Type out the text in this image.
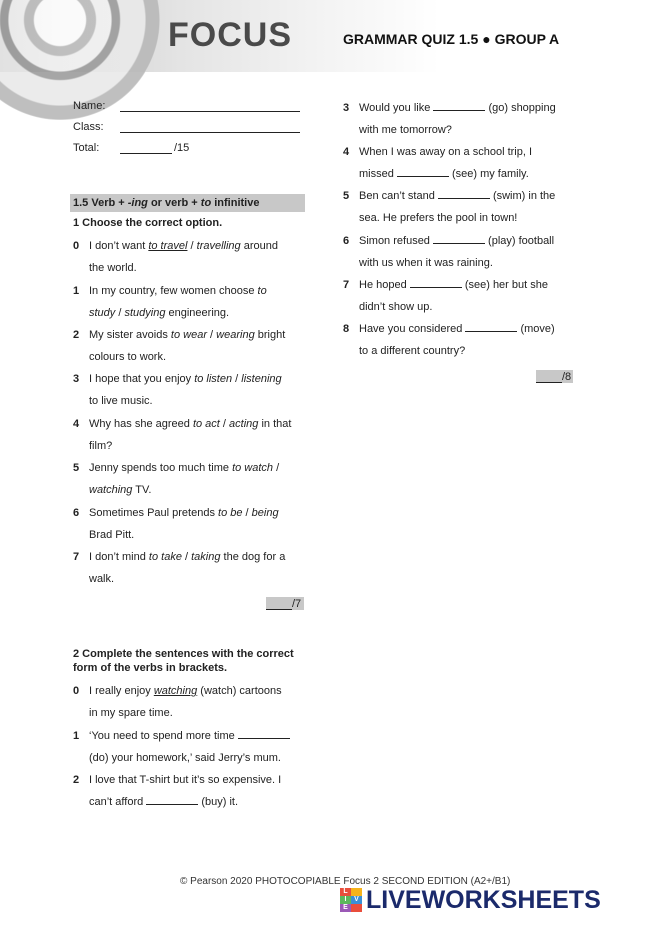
FOCUS	GRAMMAR QUIZ 1.5 ● GROUP A
Name:
Class:
Total:	/15
1.5 Verb + -ing or verb + to infinitive
1 Choose the correct option.
0 I don’t want to travel / travelling around
the world.
1 In my country, few women choose to
study / studying engineering.
2 My sister avoids to wear / wearing bright
colours to work.
3 I hope that you enjoy to listen / listening
to live music.
4 Why has she agreed to act / acting in that
film?
5 Jenny spends too much time to watch /
watching TV.
6 Sometimes Paul pretends to be / being
Brad Pitt.
7 I don’t mind to take / taking the dog for a
walk.
/7
2 Complete the sentences with the correct
form of the verbs in brackets.
0 I really enjoy watching (watch) cartoons
in my spare time.
1 ‘You need to spend more time
(do) your homework,’ said Jerry’s mum.
2 I love that T-shirt but it’s so expensive. I
can’t afford	(buy) it.
3 Would you like	(go) shopping
with me tomorrow?
4 When I was away on a school trip, I
missed	(see) my family.
5 Ben can’t stand	(swim) in the
sea. He prefers the pool in town!
6 Simon refused	(play) football
with us when it was raining.
7 He hoped	(see) her but she
didn’t show up.
8 Have you considered	(move)
to a different country?
/8
© Pearson 2020 PHOTOCOPIABLE Focus 2 SECOND EDITION (A2+/B1)
L
I	V
E LIVEWORKSHEETS
